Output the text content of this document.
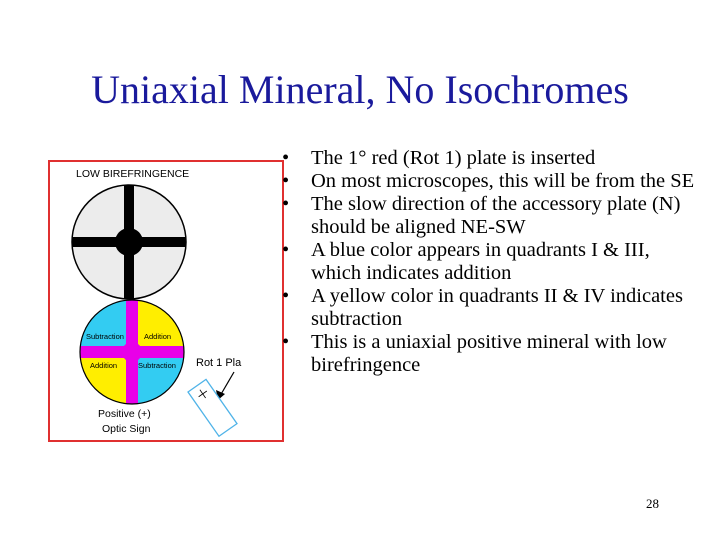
Uniaxial Mineral, No Isochromes
LOW BIREFRINGENCE
Subtraction	Addition
Addition	Subtraction Rot 1 Pla
Positive (+)
Optic Sign
• The 1° red (Rot 1) plate is inserted
• On most microscopes, this will be from the SE
• The slow direction of the accessory plate (N) should be aligned NE-SW
• A blue color appears in quadrants I & III, which indicates addition
• A yellow color in quadrants II & IV indicates subtraction
• This is a uniaxial positive mineral with low birefringence
28
